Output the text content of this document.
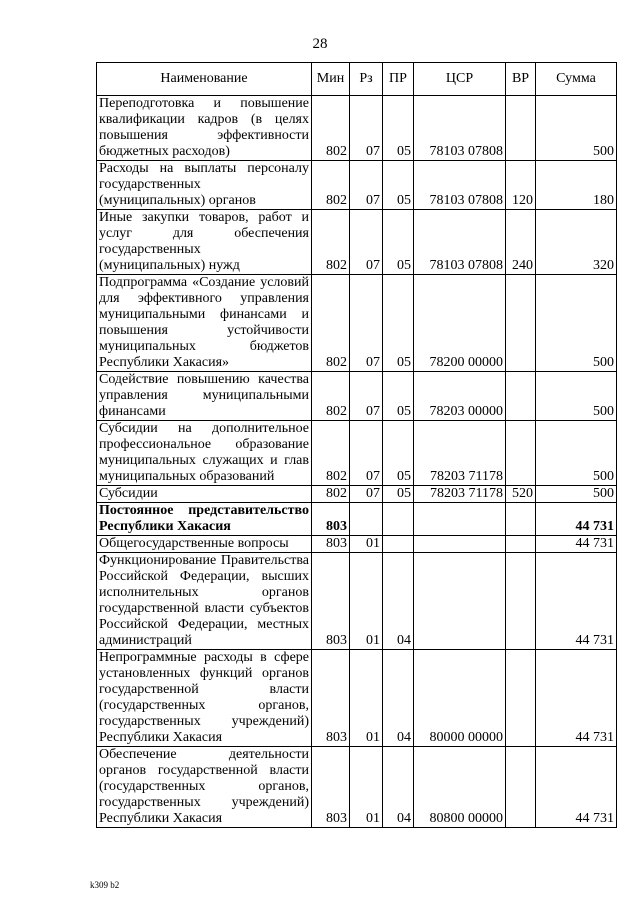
28
Наименование	Мин	Рз	ПР	ЦСР	ВР	Сумма
Переподготовка и повышение квалификации кадров (в целях повышения эффективности бюджетных расходов)	802	07	05	78103 07808		500
Расходы на выплаты персоналу государственных (муниципальных) органов	802	07	05	78103 07808	120	180
Иные закупки товаров, работ и услуг для обеспечения государственных (муниципальных) нужд	802	07	05	78103 07808	240	320
Подпрограмма «Создание условий для эффективного управления муниципальными финансами и повышения устойчивости муниципальных бюджетов Республики Хакасия»	802	07	05	78200 00000		500
Содействие повышению качества управления муниципальными финансами	802	07	05	78203 00000		500
Субсидии на дополнительное профессиональное образование муниципальных служащих и глав муниципальных образований	802	07	05	78203 71178		500
Субсидии	802	07	05	78203 71178	520	500
Постоянное представительство Республики Хакасия	803					44 731
Общегосударственные вопросы	803	01				44 731
Функционирование Правительства Российской Федерации, высших исполнительных органов государственной власти субъектов Российской Федерации, местных администраций	803	01	04			44 731
Непрограммные расходы в сфере установленных функций органов государственной власти (государственных органов, государственных учреждений) Республики Хакасия	803	01	04	80000 00000		44 731
Обеспечение деятельности органов государственной власти (государственных органов, государственных учреждений) Республики Хакасия	803	01	04	80800 00000		44 731
k309 b2
